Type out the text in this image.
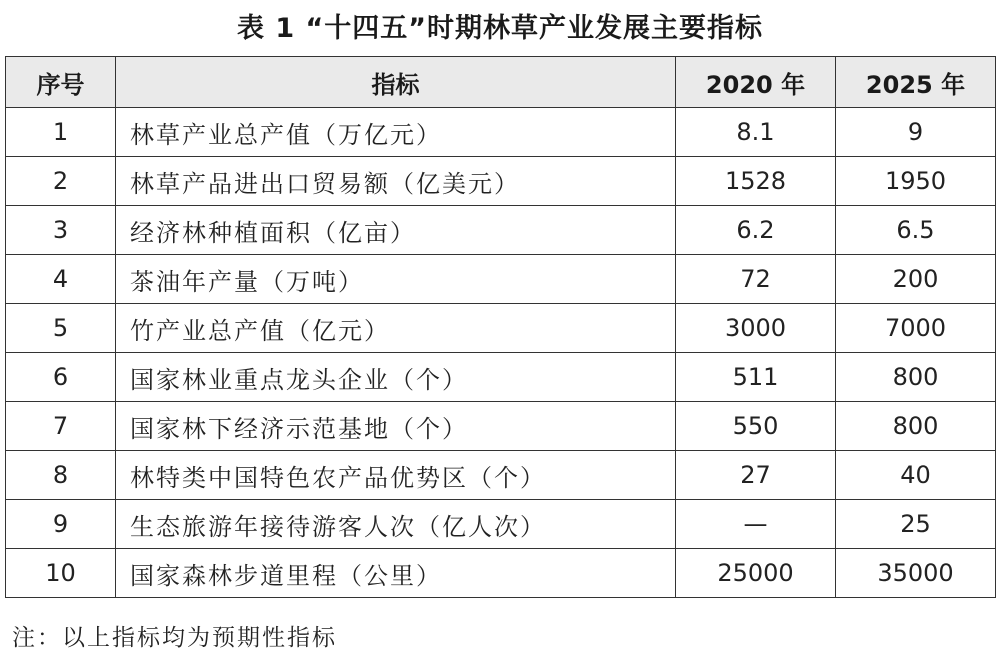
表 1 “十四五”时期林草产业发展主要指标
序号	指标	2020 年	2025 年
1	林草产业总产值（万亿元）	8.1	9
2	林草产品进出口贸易额（亿美元）	1528	1950
3	经济林种植面积（亿亩）	6.2	6.5
4	茶油年产量（万吨）	72	200
5	竹产业总产值（亿元）	3000	7000
6	国家林业重点龙头企业（个）	511	800
7	国家林下经济示范基地（个）	550	800
8	林特类中国特色农产品优势区（个）	27	40
9	生态旅游年接待游客人次（亿人次）	—	25
10	国家森林步道里程（公里）	25000	35000
注：以上指标均为预期性指标
